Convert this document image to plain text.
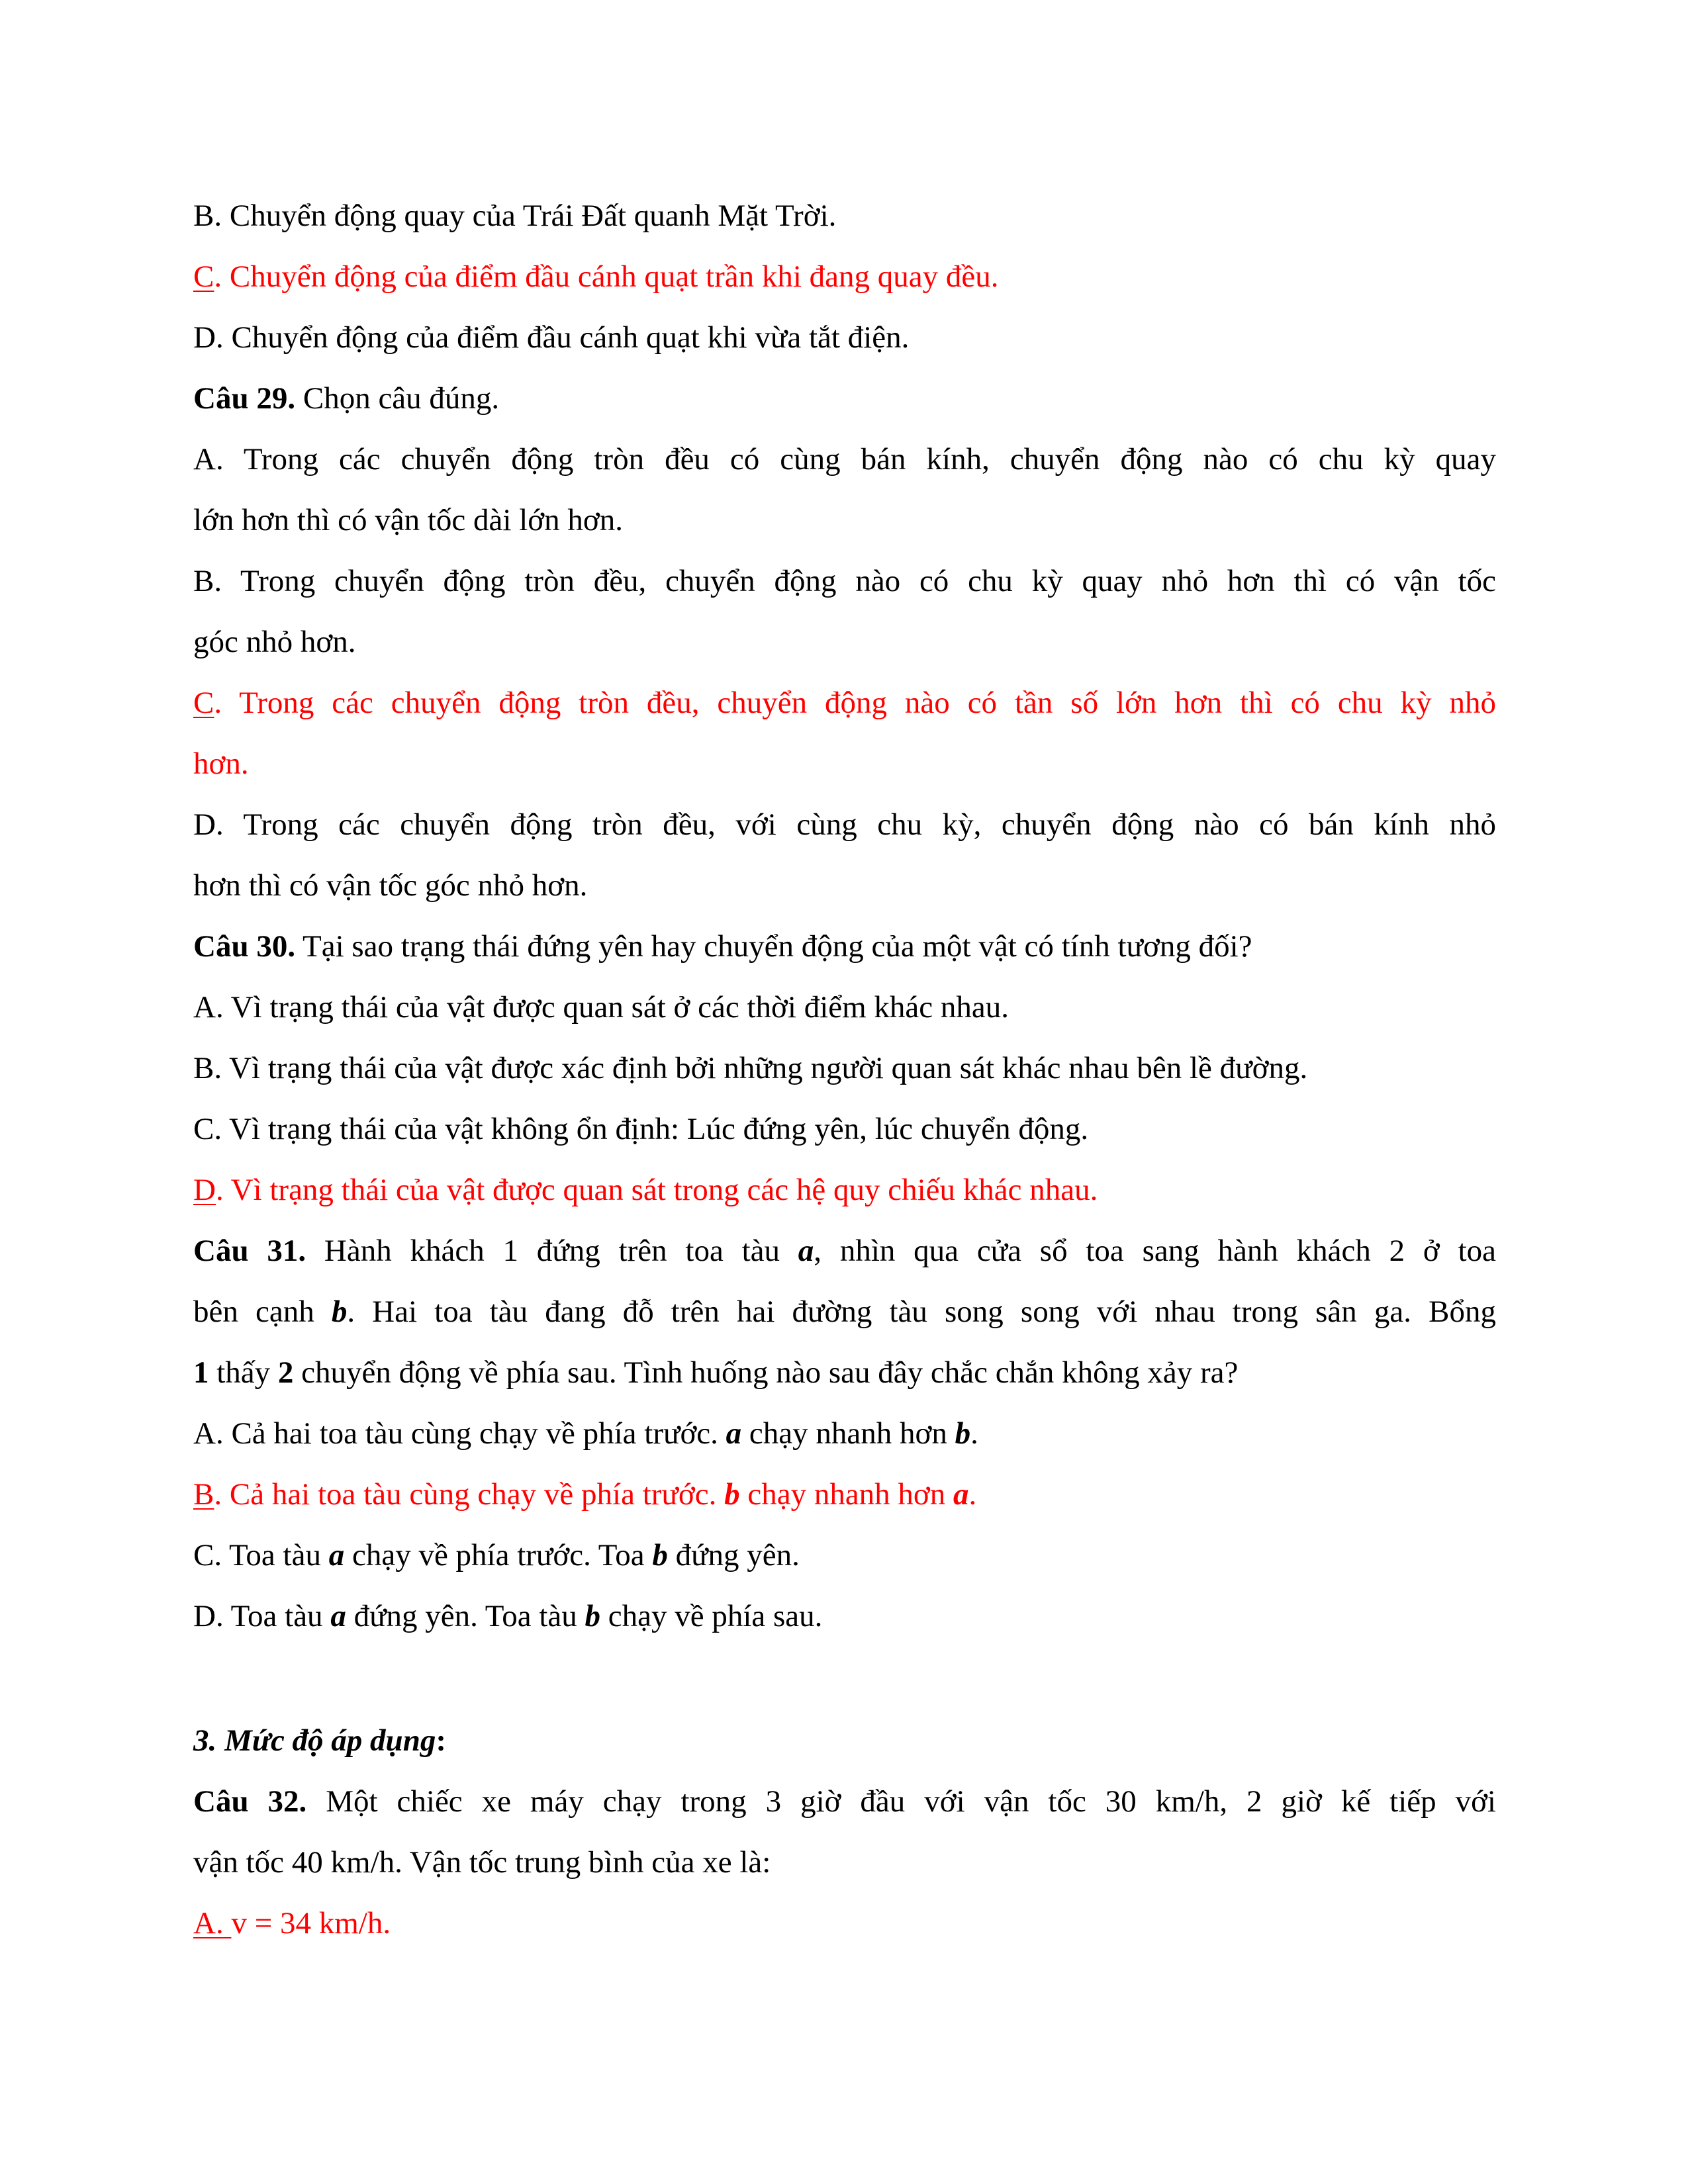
B. Chuyển động quay của Trái Đất quanh Mặt Trời.
C. Chuyển động của điểm đầu cánh quạt trần khi đang quay đều.
D. Chuyển động của điểm đầu cánh quạt khi vừa tắt điện.
Câu 29. Chọn câu đúng.
A. Trong các chuyển động tròn đều có cùng bán kính, chuyển động nào có chu kỳ quay
lớn hơn thì có vận tốc dài lớn hơn.
B. Trong chuyển động tròn đều, chuyển động nào có chu kỳ quay nhỏ hơn thì có vận tốc
góc nhỏ hơn.
C. Trong các chuyển động tròn đều, chuyển động nào có tần số lớn hơn thì có chu kỳ nhỏ
hơn.
D. Trong các chuyển động tròn đều, với cùng chu kỳ, chuyển động nào có bán kính nhỏ
hơn thì có vận tốc góc nhỏ hơn.
Câu 30. Tại sao trạng thái đứng yên hay chuyển động của một vật có tính tương đối?
A. Vì trạng thái của vật được quan sát ở các thời điểm khác nhau.
B. Vì trạng thái của vật được xác định bởi những người quan sát khác nhau bên lề đường.
C. Vì trạng thái của vật không ổn định: Lúc đứng yên, lúc chuyển động.
D. Vì trạng thái của vật được quan sát trong các hệ quy chiếu khác nhau.
Câu 31. Hành khách 1 đứng trên toa tàu a, nhìn qua cửa sổ toa sang hành khách 2 ở toa
bên cạnh b. Hai toa tàu đang đỗ trên hai đường tàu song song với nhau trong sân ga. Bổng
1 thấy 2 chuyển động về phía sau. Tình huống nào sau đây chắc chắn không xảy ra?
A. Cả hai toa tàu cùng chạy về phía trước. a chạy nhanh hơn b.
B. Cả hai toa tàu cùng chạy về phía trước. b chạy nhanh hơn a.
C. Toa tàu a chạy về phía trước. Toa b đứng yên.
D. Toa tàu a đứng yên. Toa tàu b chạy về phía sau.
3. Mức độ áp dụng:
Câu 32. Một chiếc xe máy chạy trong 3 giờ đầu với vận tốc 30 km/h, 2 giờ kế tiếp với
vận tốc 40 km/h. Vận tốc trung bình của xe là:
A. v = 34 km/h.
